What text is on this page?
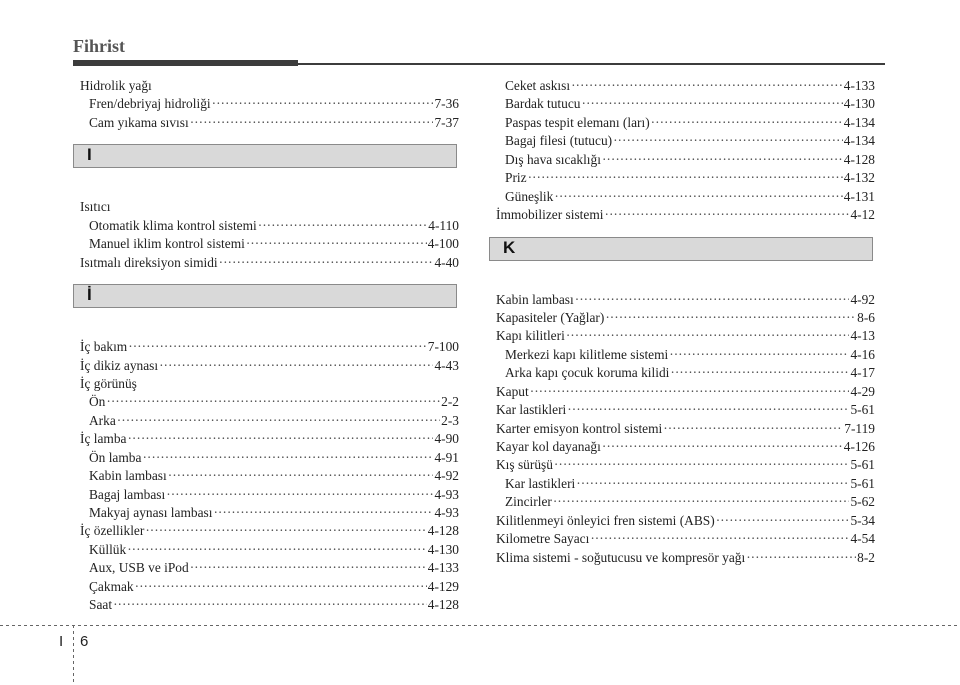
Fihrist
Hidrolik yağı
Fren/debriyaj hidroliği ·····	7-36
Cam yıkama sıvısı ·····	7-37
I
Isıtıcı
Otomatik klima kontrol sistemi ·····	4-110
Manuel iklim kontrol sistemi ·····	4-100
Isıtmalı direksiyon simidi ·····	4-40
İ
İç bakım ·····	7-100
İç dikiz aynası ·····	4-43
İç görünüş
Ön ·····	2-2
Arka ·····	2-3
İç lamba ·····	4-90
Ön lamba ·····	4-91
Kabin lambası ·····	4-92
Bagaj lambası ·····	4-93
Makyaj aynası lambası ·····	4-93
İç özellikler ·····	4-128
Küllük ·····	4-130
Aux, USB ve iPod ·····	4-133
Çakmak ·····	4-129
Saat ·····	4-128
Ceket askısı ·····	4-133
Bardak tutucu ·····	4-130
Paspas tespit elemanı (ları) ·····	4-134
Bagaj filesi (tutucu) ·····	4-134
Dış hava sıcaklığı ·····	4-128
Priz ·····	4-132
Güneşlik ·····	4-131
İmmobilizer sistemi ·····	4-12
K
Kabin lambası ·····	4-92
Kapasiteler (Yağlar) ·····	8-6
Kapı kilitleri ·····	4-13
Merkezi kapı kilitleme sistemi ·····	4-16
Arka kapı çocuk koruma kilidi ·····	4-17
Kaput ·····	4-29
Kar lastikleri ·····	5-61
Karter emisyon kontrol sistemi ·····	7-119
Kayar kol dayanağı ·····	4-126
Kış sürüşü ·····	5-61
Kar lastikleri ·····	5-61
Zincirler ·····	5-62
Kilitlenmeyi önleyici fren sistemi (ABS) ·····	5-34
Kilometre Sayacı ·····	4-54
Klima sistemi - soğutucusu ve kompresör yağı ·····	8-2
I 6
